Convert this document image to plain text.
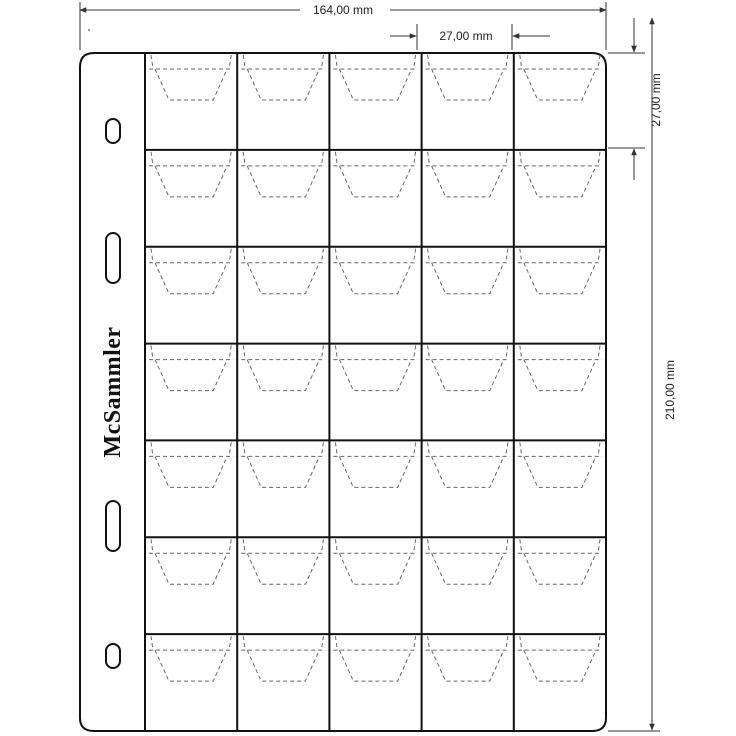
McSammler
164,00 mm
27,00 mm
27,00 mm
210,00 mm
